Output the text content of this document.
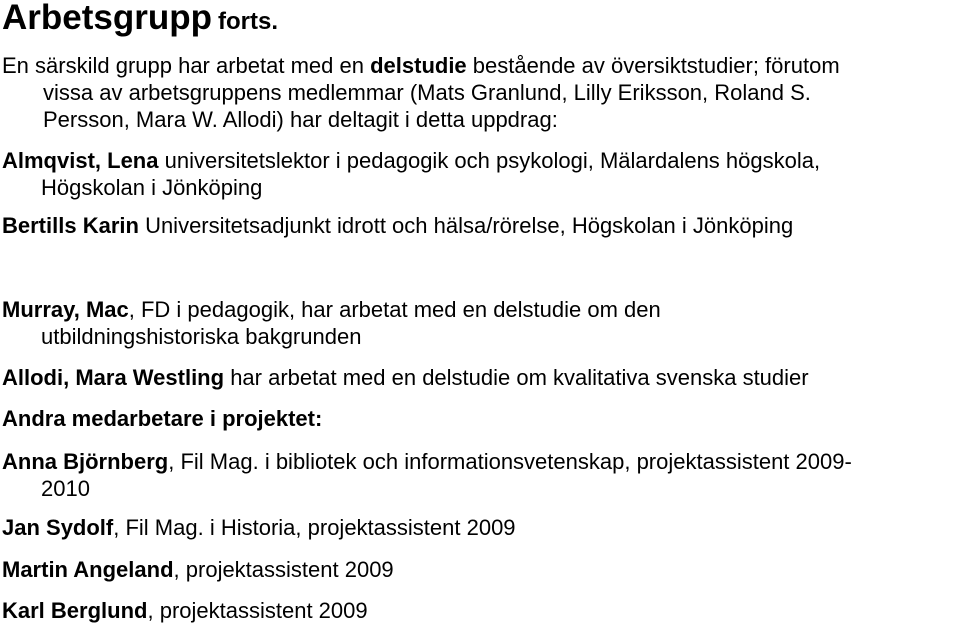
Arbetsgrupp forts.

En särskild grupp har arbetat med en delstudie bestående av översiktstudier; förutom
vissa av arbetsgruppens medlemmar (Mats Granlund, Lilly Eriksson, Roland S.
Persson, Mara W. Allodi) har deltagit i detta uppdrag:

Almqvist, Lena universitetslektor i pedagogik och psykologi, Mälardalens högskola,
Högskolan i Jönköping

Bertills Karin Universitetsadjunkt idrott och hälsa/rörelse, Högskolan i Jönköping

Murray, Mac, FD i pedagogik, har arbetat med en delstudie om den
utbildningshistoriska bakgrunden

Allodi, Mara Westling har arbetat med en delstudie om kvalitativa svenska studier

Andra medarbetare i projektet:

Anna Björnberg, Fil Mag. i bibliotek och informationsvetenskap, projektassistent 2009-
2010

Jan Sydolf, Fil Mag. i Historia, projektassistent 2009

Martin Angeland, projektassistent 2009

Karl Berglund, projektassistent 2009
